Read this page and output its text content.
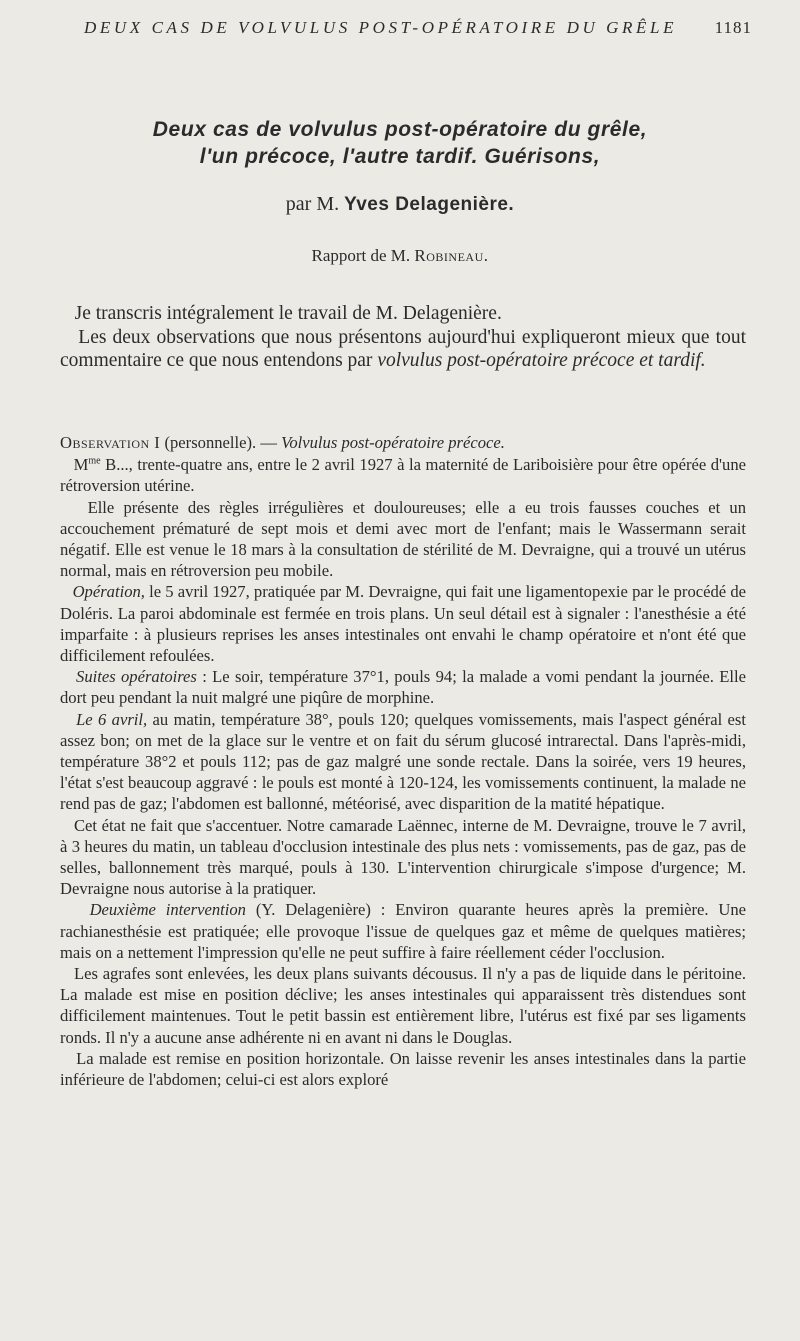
DEUX CAS DE VOLVULUS POST-OPÉRATOIRE DU GRÊLE 1181
Deux cas de volvulus post-opératoire du grêle,
l'un précoce, l'autre tardif. Guérisons,
par M. Yves Delagenière.
Rapport de M. Robineau.

Je transcris intégralement le travail de M. Delagenière.

Les deux observations que nous présentons aujourd'hui expliqueront mieux que tout commentaire ce que nous entendons par volvulus post-opératoire précoce et tardif.

Observation I (personnelle). — Volvulus post-opératoire précoce.

$M^{me}$ B..., trente-quatre ans, entre le 2 avril 1927 à la maternité de Lariboisière pour être opérée d'une rétroversion utérine.

Elle présente des règles irrégulières et douloureuses; elle a eu trois fausses couches et un accouchement prématuré de sept mois et demi avec mort de l'enfant; mais le Wassermann serait négatif. Elle est venue le 18 mars à la consultation de stérilité de M. Devraigne, qui a trouvé un utérus normal, mais en rétroversion peu mobile.

Opération, le 5 avril 1927, pratiquée par M. Devraigne, qui fait une ligamentopexie par le procédé de Doléris. La paroi abdominale est fermée en trois plans. Un seul détail est à signaler : l'anesthésie a été imparfaite : à plusieurs reprises les anses intestinales ont envahi le champ opératoire et n'ont été que difficilement refoulées.

Suites opératoires : Le soir, température 37°1, pouls 94; la malade a vomi pendant la journée. Elle dort peu pendant la nuit malgré une piqûre de morphine.

Le 6 avril, au matin, température 38°, pouls 120; quelques vomissements, mais l'aspect général est assez bon; on met de la glace sur le ventre et on fait du sérum glucosé intrarectal. Dans l'après-midi, température 38°2 et pouls 112; pas de gaz malgré une sonde rectale. Dans la soirée, vers 19 heures, l'état s'est beaucoup aggravé : le pouls est monté à 120-124, les vomissements continuent, la malade ne rend pas de gaz; l'abdomen est ballonné, météorisé, avec disparition de la matité hépatique.

Cet état ne fait que s'accentuer. Notre camarade Laënnec, interne de M. Devraigne, trouve le 7 avril, à 3 heures du matin, un tableau d'occlusion intestinale des plus nets : vomissements, pas de gaz, pas de selles, ballonnement très marqué, pouls à 130. L'intervention chirurgicale s'impose d'urgence; M. Devraigne nous autorise à la pratiquer.

Deuxième intervention (Y. Delagenière) : Environ quarante heures après la première. Une rachianesthésie est pratiquée; elle provoque l'issue de quelques gaz et même de quelques matières; mais on a nettement l'impression qu'elle ne peut suffire à faire réellement céder l'occlusion.

Les agrafes sont enlevées, les deux plans suivants décousus. Il n'y a pas de liquide dans le péritoine. La malade est mise en position déclive; les anses intestinales qui apparaissent très distendues sont difficilement maintenues. Tout le petit bassin est entièrement libre, l'utérus est fixé par ses ligaments ronds. Il n'y a aucune anse adhérente ni en avant ni dans le Douglas.

La malade est remise en position horizontale. On laisse revenir les anses intestinales dans la partie inférieure de l'abdomen; celui-ci est alors exploré
